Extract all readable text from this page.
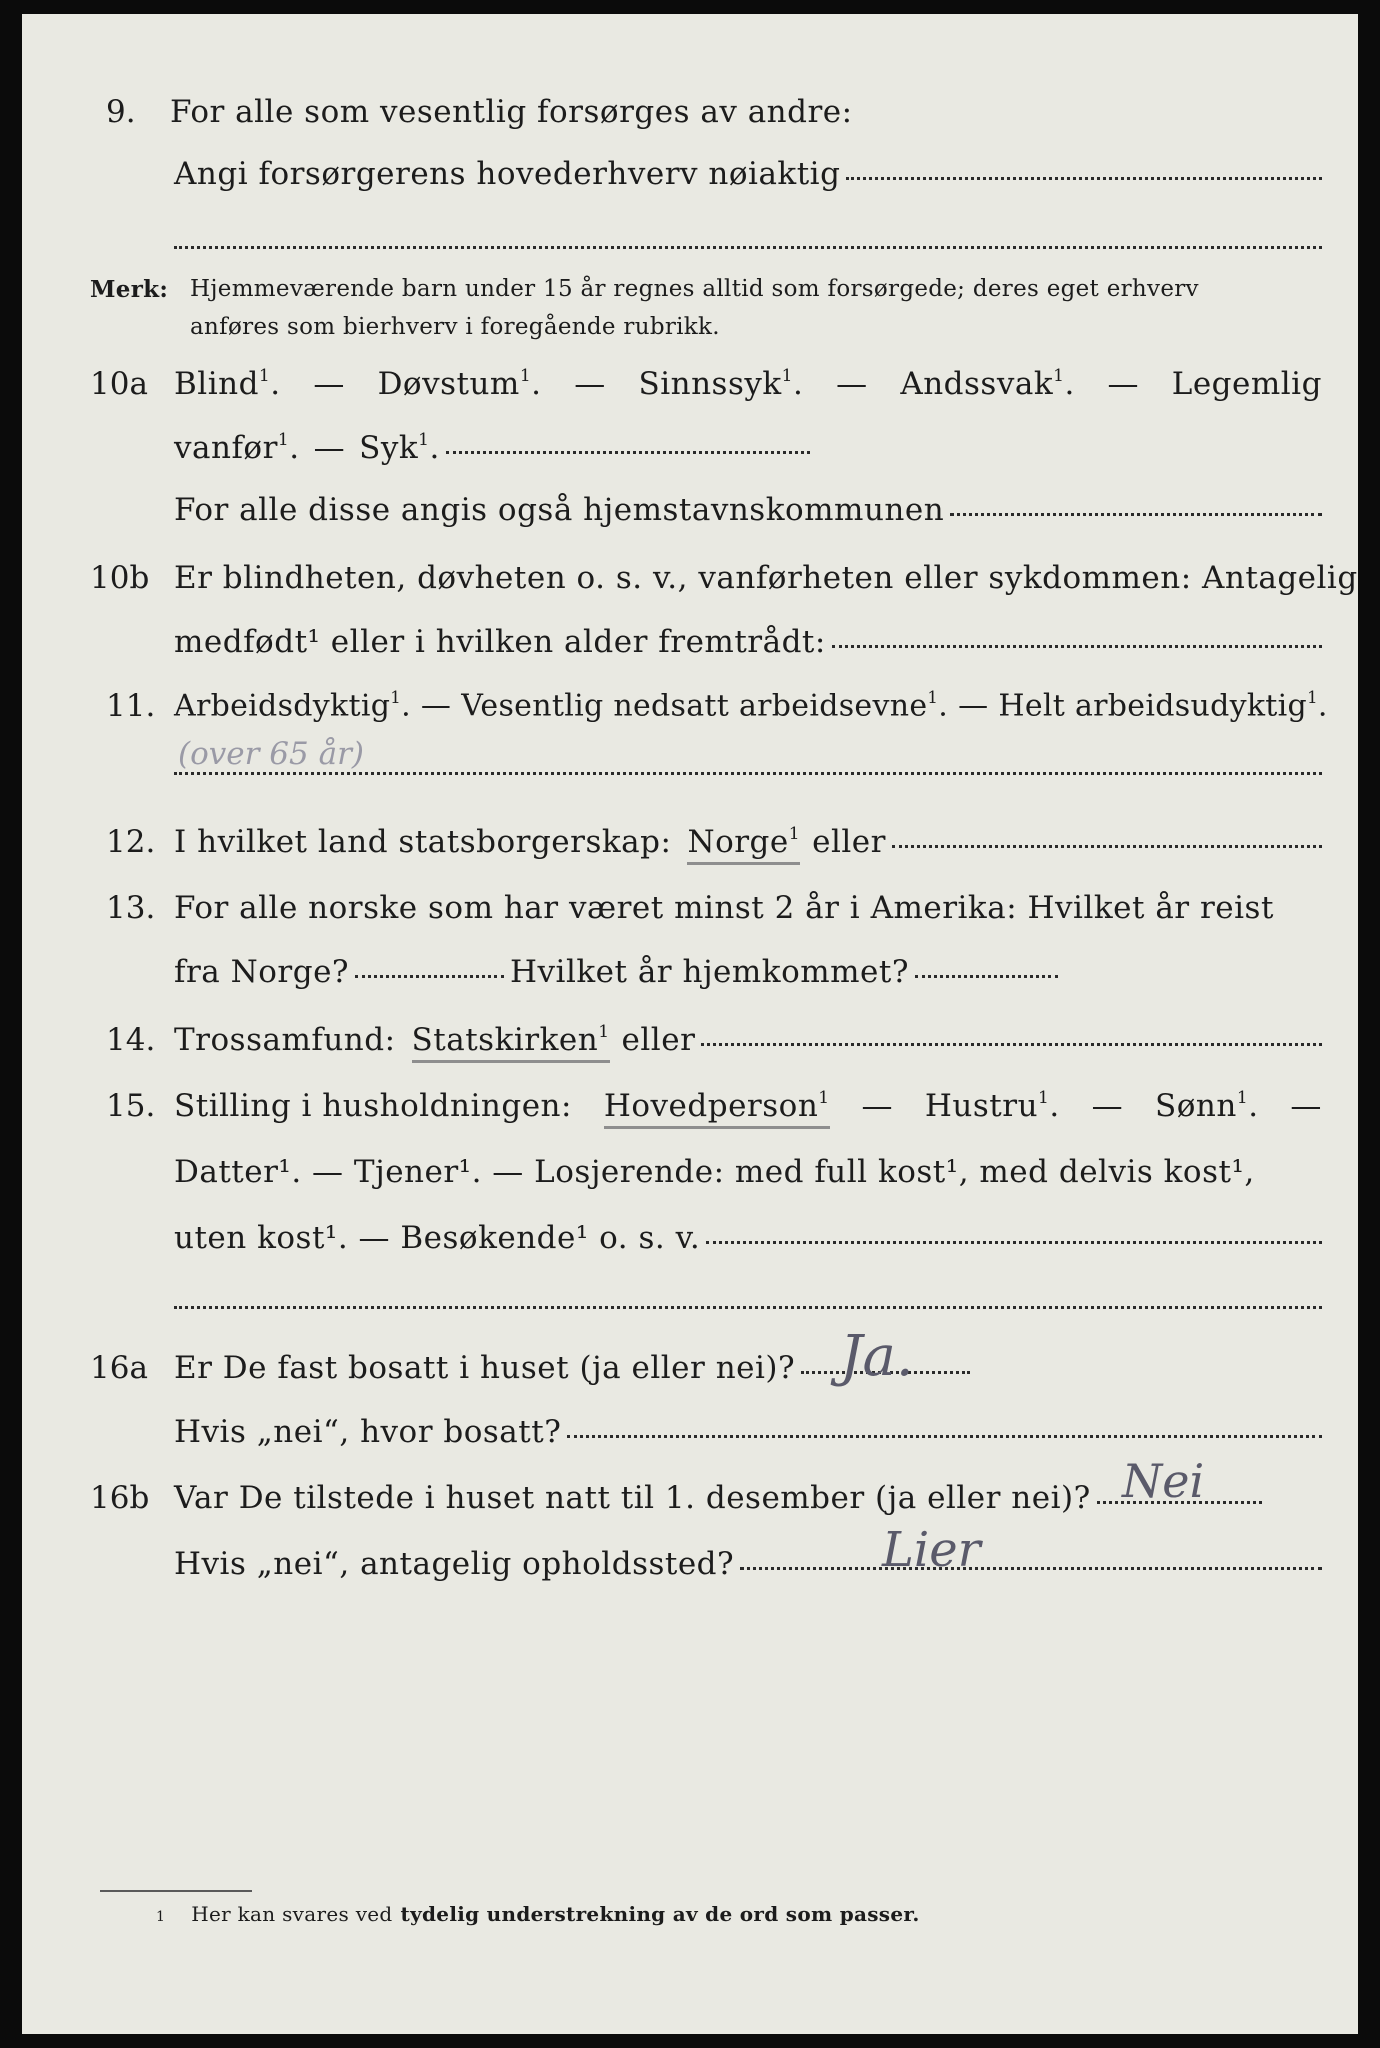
9. For alle som vesentlig forsørges av andre:
Angi forsørgerens hovederhverv nøiaktig
Merk: Hjemmeværende barn under 15 år regnes alltid som forsørgede; deres eget erhverv
anføres som bierhverv i foregående rubrikk.
10a Blind$^1$. — Døvstum$^1$. — Sinnssyk$^1$. — Andssvak$^1$. — Legemlig
vanfør$^1$. — Syk$^1$.
For alle disse angis også hjemstavnskommunen
10b Er blindheten, døvheten o. s. v., vanførheten eller sykdommen: Antagelig
medfødt¹ eller i hvilken alder fremtrådt:
11. Arbeidsdyktig$^1$. — Vesentlig nedsatt arbeidsevne$^1$. — Helt arbeidsudyktig$^1$.
(over 65 år)
12. I hvilket land statsborgerskap: Norge$^1$ eller
13. For alle norske som har været minst 2 år i Amerika: Hvilket år reist
fra Norge?	Hvilket år hjemkommet?
14. Trossamfund: Statskirken$^1$ eller
15. Stilling i husholdningen: Hovedperson$^1$ — Hustru$^1$. — Sønn$^1$. —
Datter¹. — Tjener¹. — Losjerende: med full kost¹, med delvis kost¹,
uten kost¹. — Besøkende¹ o. s. v.
16a Er De fast bosatt i huset (ja eller nei)? Ja.
Hvis „nei“, hvor bosatt?
16b Var De tilstede i huset natt til 1. desember (ja eller nei)? Nei
Hvis „nei“, antagelig opholdssted?	Lier
1 Her kan svares ved tydelig understrekning av de ord som passer.
